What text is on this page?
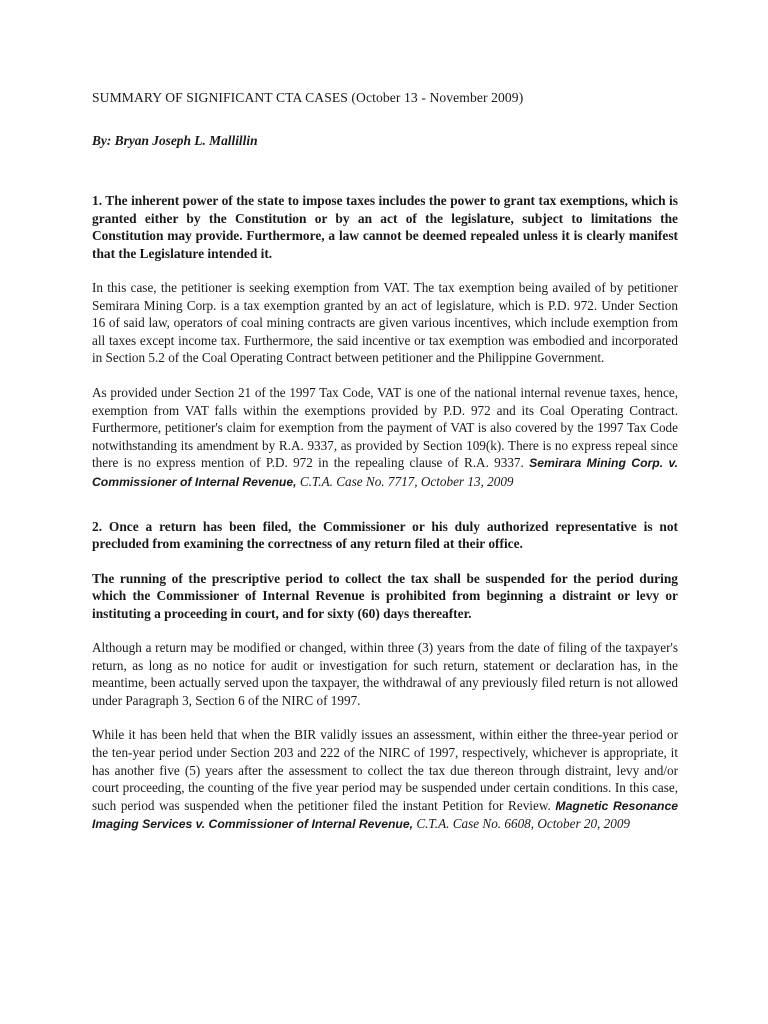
SUMMARY OF SIGNIFICANT CTA CASES (October 13 - November 2009)
By: Bryan Joseph L. Mallillin

1. The inherent power of the state to impose taxes includes the power to grant tax exemptions, which is granted either by the Constitution or by an act of the legislature, subject to limitations the Constitution may provide. Furthermore, a law cannot be deemed repealed unless it is clearly manifest that the Legislature intended it.

In this case, the petitioner is seeking exemption from VAT. The tax exemption being availed of by petitioner Semirara Mining Corp. is a tax exemption granted by an act of legislature, which is P.D. 972. Under Section 16 of said law, operators of coal mining contracts are given various incentives, which include exemption from all taxes except income tax. Furthermore, the said incentive or tax exemption was embodied and incorporated in Section 5.2 of the Coal Operating Contract between petitioner and the Philippine Government.

As provided under Section 21 of the 1997 Tax Code, VAT is one of the national internal revenue taxes, hence, exemption from VAT falls within the exemptions provided by P.D. 972 and its Coal Operating Contract. Furthermore, petitioner's claim for exemption from the payment of VAT is also covered by the 1997 Tax Code notwithstanding its amendment by R.A. 9337, as provided by Section 109(k). There is no express repeal since there is no express mention of P.D. 972 in the repealing clause of R.A. 9337. Semirara Mining Corp. v. Commissioner of Internal Revenue, C.T.A. Case No. 7717, October 13, 2009

2. Once a return has been filed, the Commissioner or his duly authorized representative is not precluded from examining the correctness of any return filed at their office.

The running of the prescriptive period to collect the tax shall be suspended for the period during which the Commissioner of Internal Revenue is prohibited from beginning a distraint or levy or instituting a proceeding in court, and for sixty (60) days thereafter.

Although a return may be modified or changed, within three (3) years from the date of filing of the taxpayer's return, as long as no notice for audit or investigation for such return, statement or declaration has, in the meantime, been actually served upon the taxpayer, the withdrawal of any previously filed return is not allowed under Paragraph 3, Section 6 of the NIRC of 1997.

While it has been held that when the BIR validly issues an assessment, within either the three-year period or the ten-year period under Section 203 and 222 of the NIRC of 1997, respectively, whichever is appropriate, it has another five (5) years after the assessment to collect the tax due thereon through distraint, levy and/or court proceeding, the counting of the five year period may be suspended under certain conditions. In this case, such period was suspended when the petitioner filed the instant Petition for Review. Magnetic Resonance Imaging Services v. Commissioner of Internal Revenue, C.T.A. Case No. 6608, October 20, 2009
